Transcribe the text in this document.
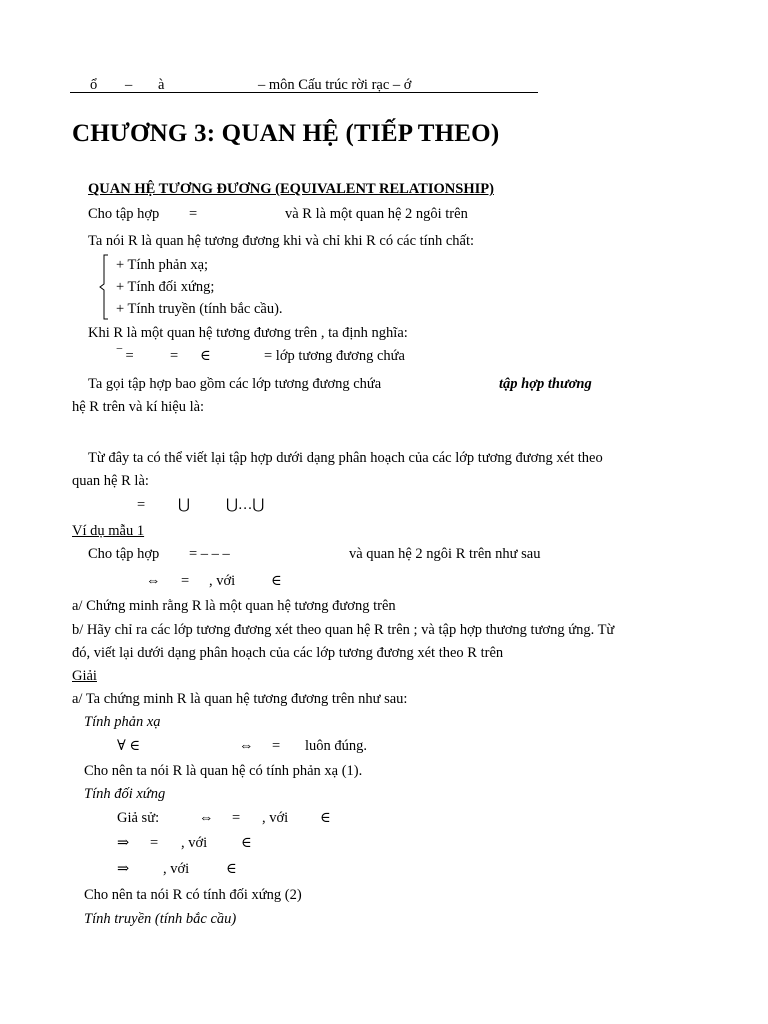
ổ – à	– môn Cấu trúc rời rạc – ớ
CHƯƠNG 3: QUAN HỆ (TIẾP THEO)
QUAN HỆ TƯƠNG ĐƯƠNG (EQUIVALENT RELATIONSHIP)
Cho tập hợp =	và R là một quan hệ 2 ngôi trên
Ta nói R là quan hệ tương đương khi và chỉ khi R có các tính chất:
+ Tính phản xạ;
+ Tính đối xứng;
+ Tính truyền (tính bắc cầu).
Khi R là một quan hệ tương đương trên , ta định nghĩa:
‾ =	= ∈	= lớp tương đương chứa
Ta gọi tập hợp bao gồm các lớp tương đương chứa	tập hợp thương
hệ R trên và kí hiệu là:
Từ đây ta có thể viết lại tập hợp dưới dạng phân hoạch của các lớp tương đương xét theo
quan hệ R là:
= ⋃ ⋃…⋃
Ví dụ mẫu 1
Cho tập hợp = – – –	và quan hệ 2 ngôi R trên như sau
⇔ = , với ∈
a/ Chứng minh rằng R là một quan hệ tương đương trên
b/ Hãy chỉ ra các lớp tương đương xét theo quan hệ R trên ; và tập hợp thương tương ứng. Từ
đó, viết lại dưới dạng phân hoạch của các lớp tương đương xét theo R trên
Giải
a/ Ta chứng minh R là quan hệ tương đương trên như sau:
Tính phản xạ
∀ ∈	⇔ = luôn đúng.
Cho nên ta nói R là quan hệ có tính phản xạ (1).
Tính đối xứng
Giả sử:	⇔ = , với ∈
⇒ = , với ∈
⇒ , với	∈
Cho nên ta nói R có tính đối xứng (2)
Tính truyền (tính bắc cầu)
